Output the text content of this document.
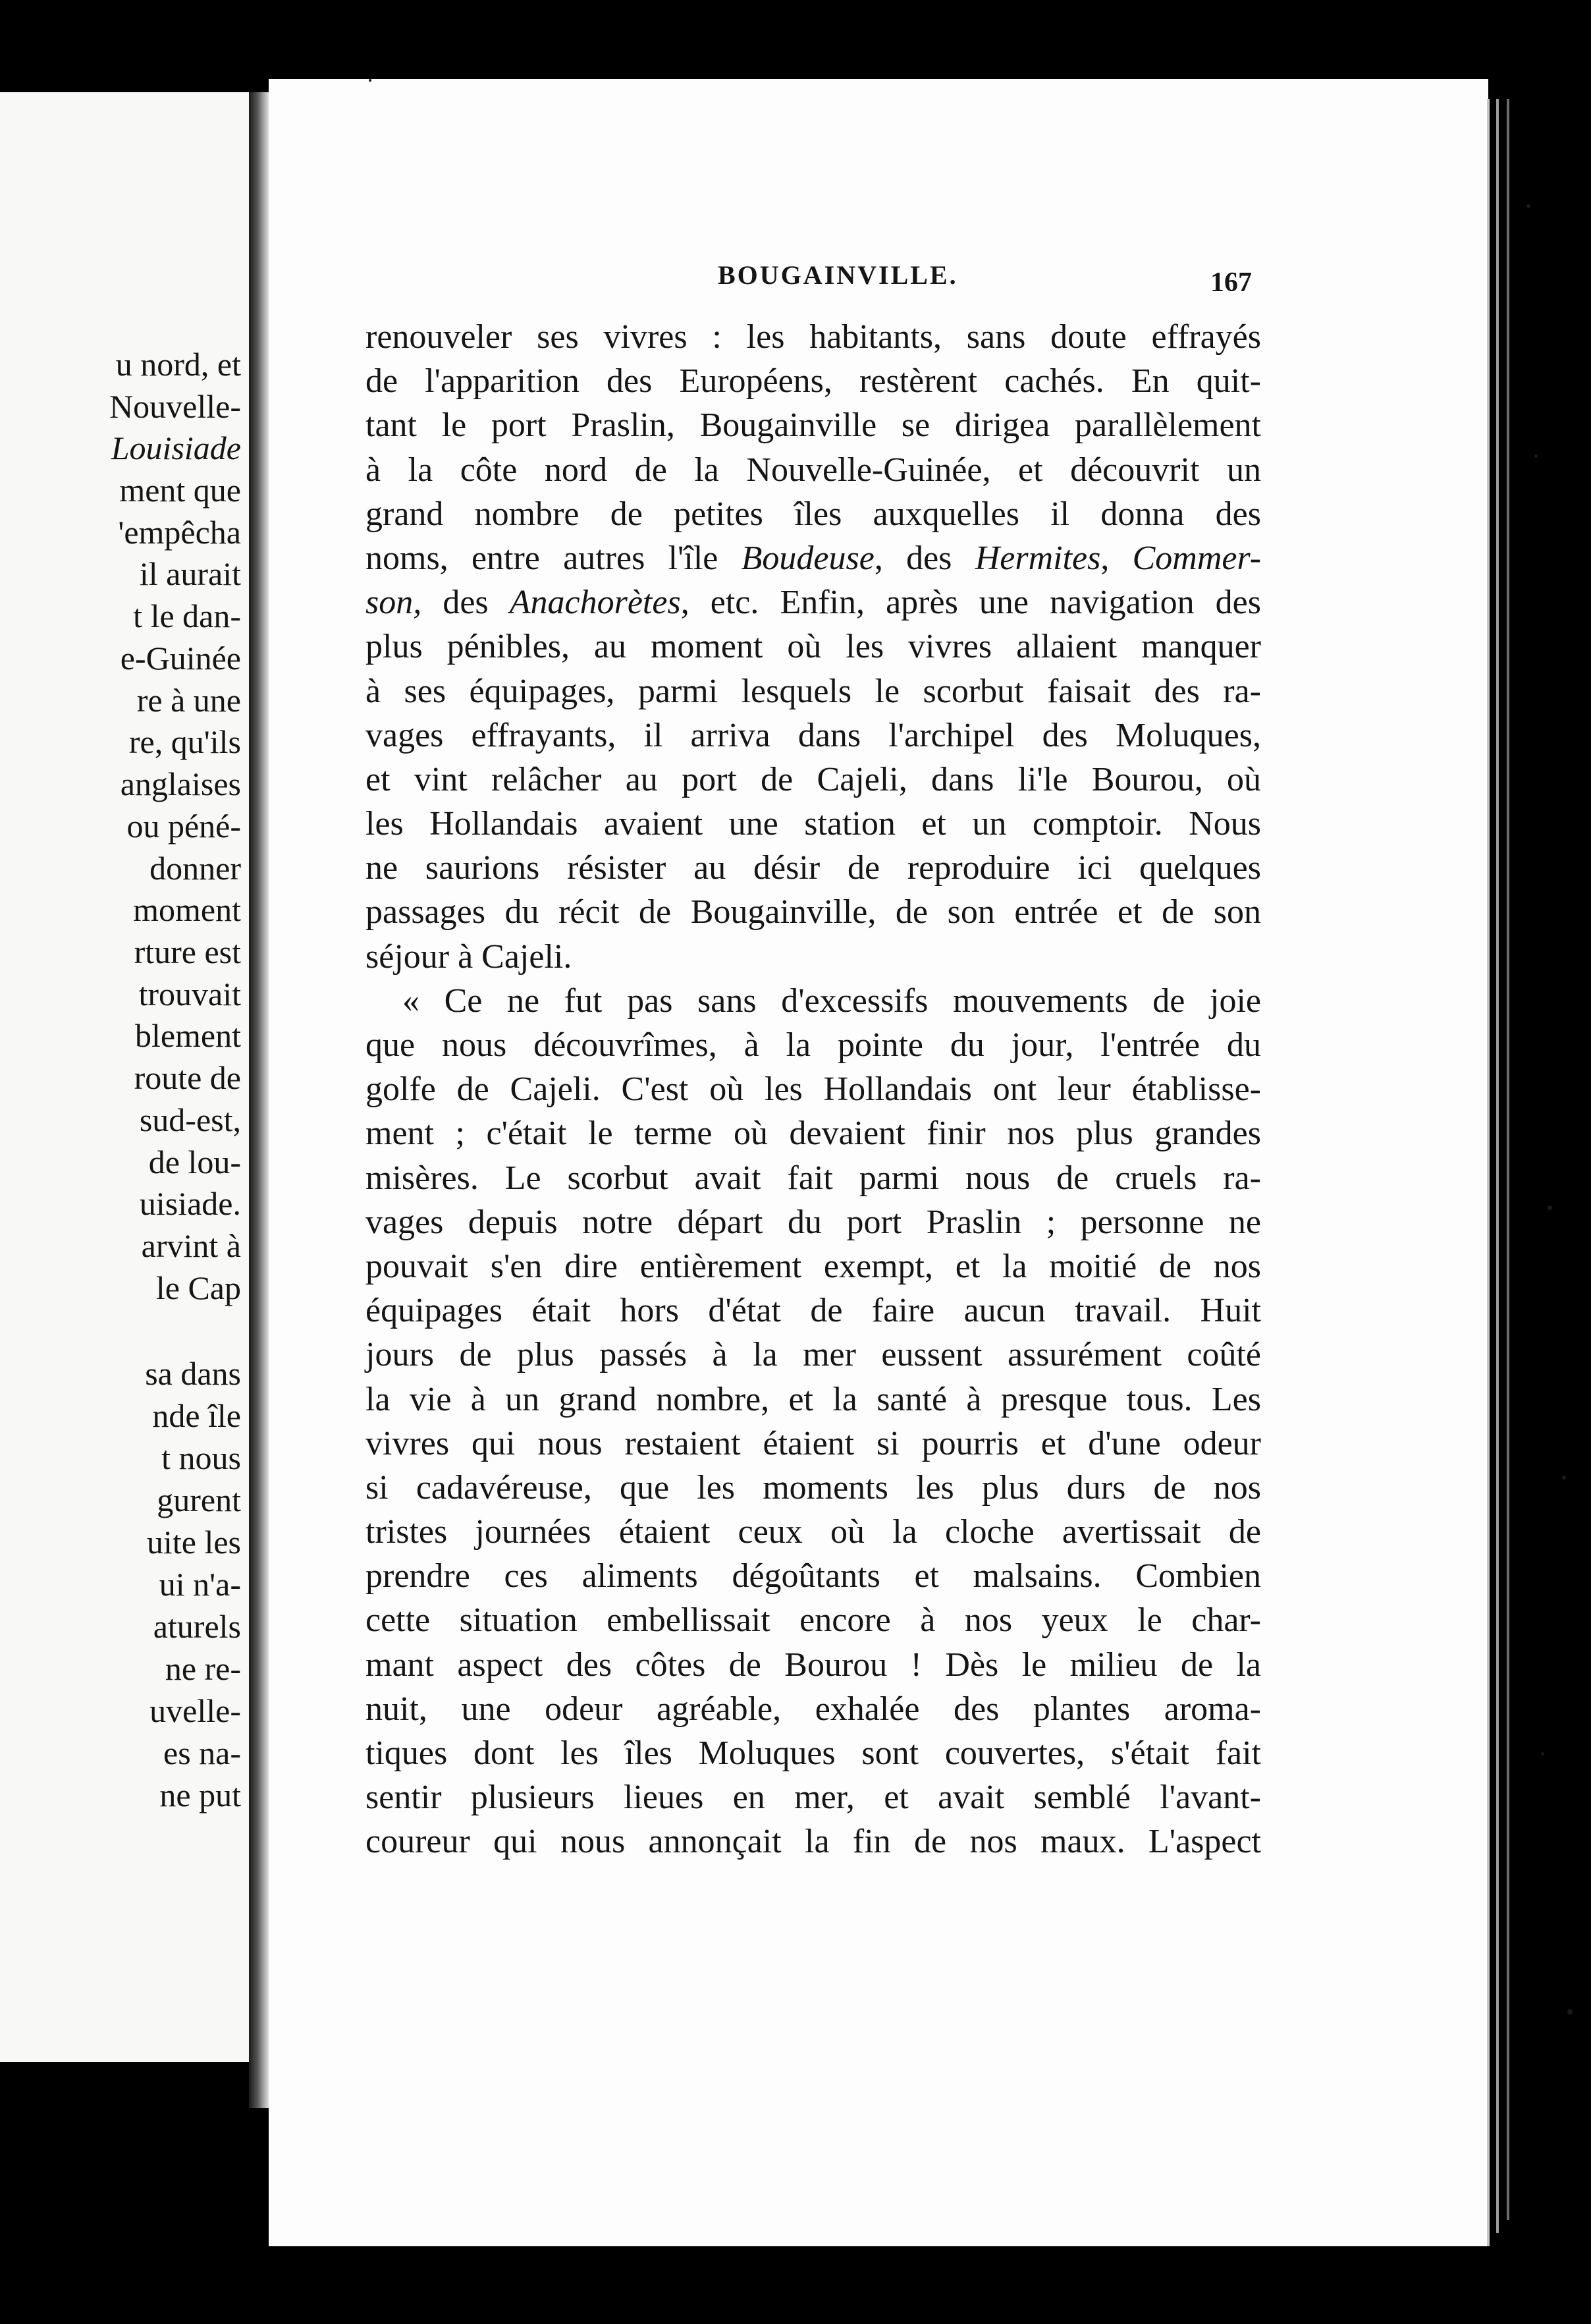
u nord, et
Nouvelle-
Louisiade
ment que
'empêcha
il aurait
t le dan-
e-Guinée
re à une
re, qu'ils
anglaises
ou péné-
donner
moment
rture est
trouvait
blement
route de
sud-est,
de lou-
uisiade.
arvint à
le Cap
sa dans
nde île
t nous
gurent
uite les
ui n'a-
aturels
ne re-
uvelle-
es na-
ne put
BOUGAINVILLE.	167
renouveler ses vivres : les habitants, sans doute effrayés
de l'apparition des Européens, restèrent cachés. En quit-
tant le port Praslin, Bougainville se dirigea parallèlement
à la côte nord de la Nouvelle-Guinée, et découvrit un
grand nombre de petites îles auxquelles il donna des
noms, entre autres l'île Boudeuse, des Hermites, Commer-
son, des Anachorètes, etc. Enfin, après une navigation des
plus pénibles, au moment où les vivres allaient manquer
à ses équipages, parmi lesquels le scorbut faisait des ra-
vages effrayants, il arriva dans l'archipel des Moluques,
et vint relâcher au port de Cajeli, dans li'le Bourou, où
les Hollandais avaient une station et un comptoir. Nous
ne saurions résister au désir de reproduire ici quelques
passages du récit de Bougainville, de son entrée et de son
séjour à Cajeli.
« Ce ne fut pas sans d'excessifs mouvements de joie
que nous découvrîmes, à la pointe du jour, l'entrée du
golfe de Cajeli. C'est où les Hollandais ont leur établisse-
ment ; c'était le terme où devaient finir nos plus grandes
misères. Le scorbut avait fait parmi nous de cruels ra-
vages depuis notre départ du port Praslin ; personne ne
pouvait s'en dire entièrement exempt, et la moitié de nos
équipages était hors d'état de faire aucun travail. Huit
jours de plus passés à la mer eussent assurément coûté
la vie à un grand nombre, et la santé à presque tous. Les
vivres qui nous restaient étaient si pourris et d'une odeur
si cadavéreuse, que les moments les plus durs de nos
tristes journées étaient ceux où la cloche avertissait de
prendre ces aliments dégoûtants et malsains. Combien
cette situation embellissait encore à nos yeux le char-
mant aspect des côtes de Bourou ! Dès le milieu de la
nuit, une odeur agréable, exhalée des plantes aroma-
tiques dont les îles Moluques sont couvertes, s'était fait
sentir plusieurs lieues en mer, et avait semblé l'avant-
coureur qui nous annonçait la fin de nos maux. L'aspect
